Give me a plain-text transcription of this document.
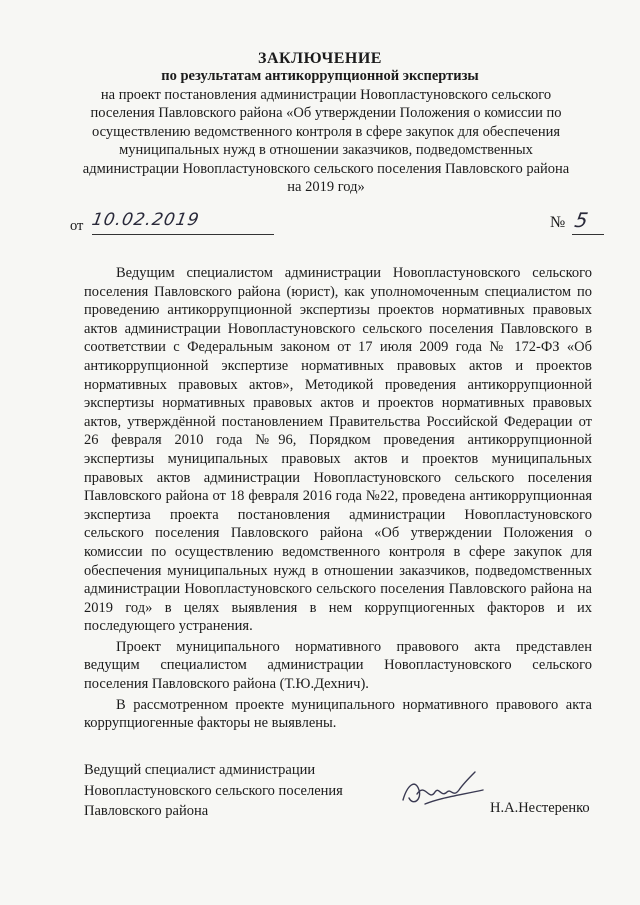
ЗАКЛЮЧЕНИЕ
по результатам антикоррупционной экспертизы
на проект постановления администрации Новопластуновского сельского
поселения Павловского района «Об утверждении Положения о комиссии по
осуществлению ведомственного контроля в сфере закупок для обеспечения
муниципальных нужд в отношении заказчиков, подведомственных
администрации Новопластуновского сельского поселения Павловского района
на 2019 год»
от 10.02.2019	№ 5

Ведущим специалистом администрации Новопластуновского сельского поселения Павловского района (юрист), как уполномоченным специалистом по проведению антикоррупционной экспертизы проектов нормативных правовых актов администрации Новопластуновского сельского поселения Павловского в соответствии с Федеральным законом от 17 июля 2009 года № 172-ФЗ «Об антикоррупционной экспертизе нормативных правовых актов и проектов нормативных правовых актов», Методикой проведения антикоррупционной экспертизы нормативных правовых актов и проектов нормативных правовых актов, утверждённой постановлением Правительства Российской Федерации от 26 февраля 2010 года №96, Порядком проведения антикоррупционной экспертизы муниципальных правовых актов и проектов муниципальных правовых актов администрации Новопластуновского сельского поселения Павловского района от 18 февраля 2016 года №22, проведена антикоррупционная экспертиза проекта постановления администрации Новопластуновского сельского поселения Павловского района «Об утверждении Положения о комиссии по осуществлению ведомственного контроля в сфере закупок для обеспечения муниципальных нужд в отношении заказчиков, подведомственных администрации Новопластуновского сельского поселения Павловского района на 2019 год» в целях выявления в нем коррупциогенных факторов и их последующего устранения.

Проект муниципального нормативного правового акта представлен ведущим специалистом администрации Новопластуновского сельского поселения Павловского района (Т.Ю.Дехнич).

В рассмотренном проекте муниципального нормативного правового акта коррупциогенные факторы не выявлены.

Ведущий специалист администрации
Новопластуновского сельского поселения
Павловского района	Н.А.Нестеренко
